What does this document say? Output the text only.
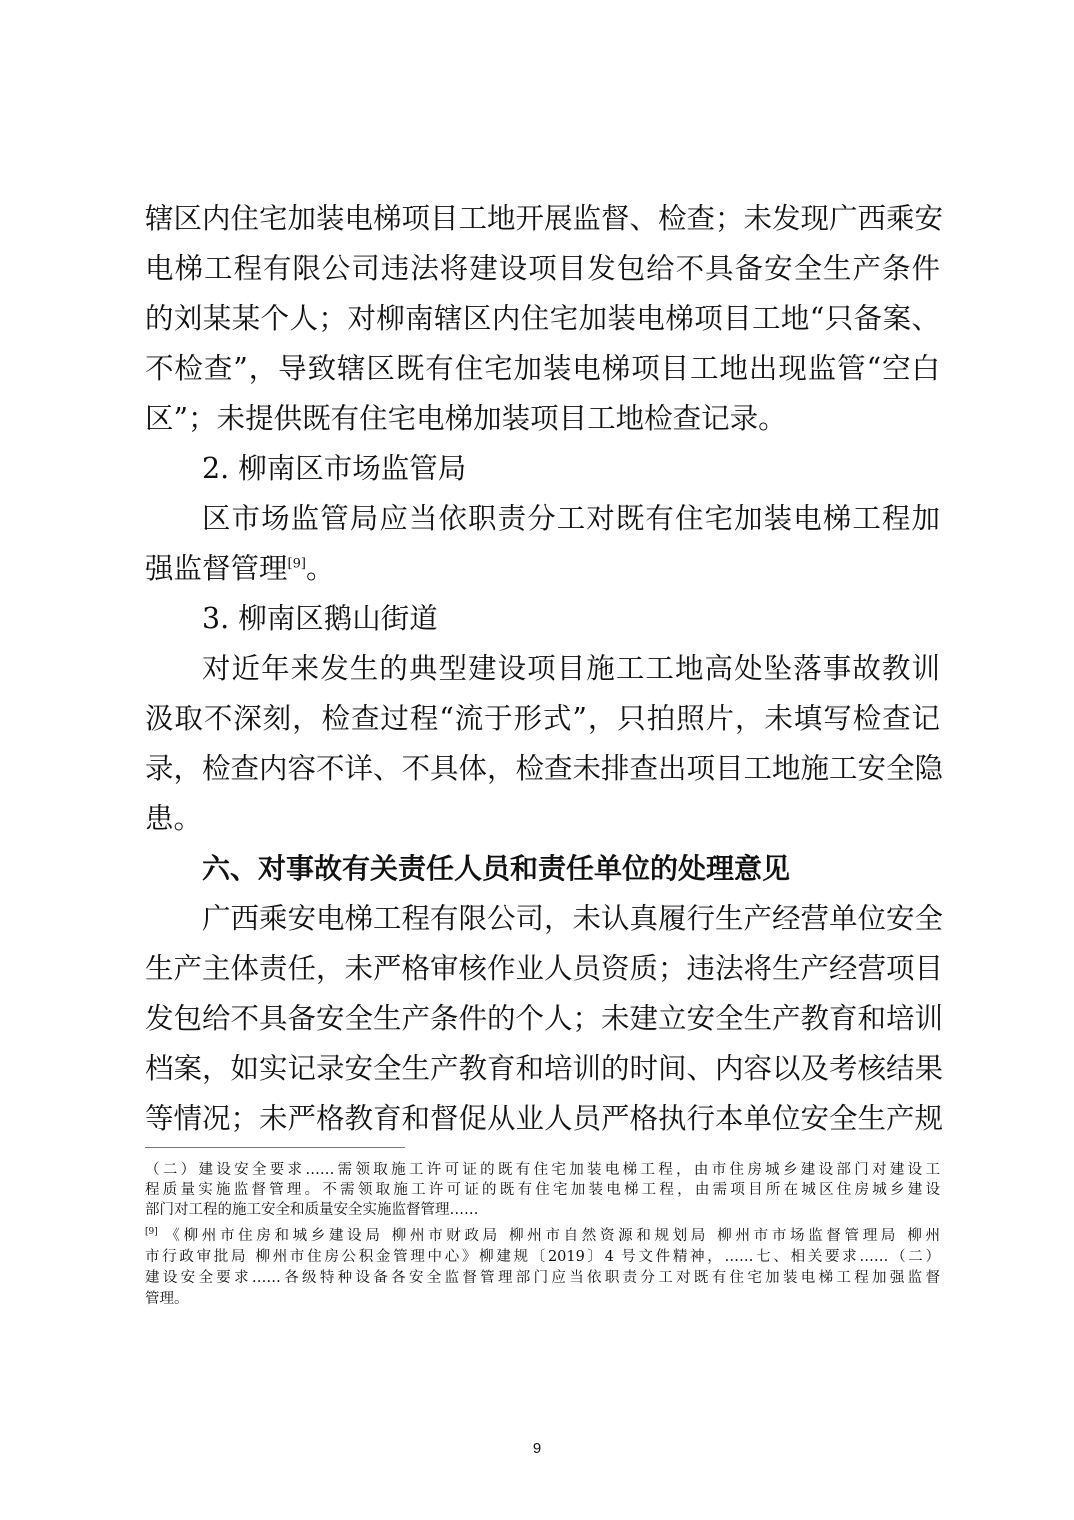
辖区内住宅加装电梯项目工地开展监督、检查；未发现广西乘安

电梯工程有限公司违法将建设项目发包给不具备安全生产条件

的刘某某个人；对柳南辖区内住宅加装电梯项目工地“只备案、

不检查”，导致辖区既有住宅加装电梯项目工地出现监管“空白

区”；未提供既有住宅电梯加装项目工地检查记录。

2. 柳南区市场监管局

区市场监管局应当依职责分工对既有住宅加装电梯工程加

强监督管理[9]。

3. 柳南区鹅山街道

对近年来发生的典型建设项目施工工地高处坠落事故教训

汲取不深刻，检查过程“流于形式”，只拍照片，未填写检查记

录，检查内容不详、不具体，检查未排查出项目工地施工安全隐

患。

六、对事故有关责任人员和责任单位的处理意见

广西乘安电梯工程有限公司，未认真履行生产经营单位安全

生产主体责任，未严格审核作业人员资质；违法将生产经营项目

发包给不具备安全生产条件的个人；未建立安全生产教育和培训

档案，如实记录安全生产教育和培训的时间、内容以及考核结果

等情况；未严格教育和督促从业人员严格执行本单位安全生产规

（二）建设安全要求……需领取施工许可证的既有住宅加装电梯工程，由市住房城乡建设部门对建设工

程质量实施监督管理。不需领取施工许可证的既有住宅加装电梯工程，由需项目所在城区住房城乡建设

部门对工程的施工安全和质量安全实施监督管理……

[9] 《柳州市住房和城乡建设局 柳州市财政局 柳州市自然资源和规划局 柳州市市场监督管理局 柳州

市行政审批局 柳州市住房公积金管理中心》柳建规〔2019〕4 号文件精神，……七、相关要求……（二）

建设安全要求……各级特种设备各安全监督管理部门应当依职责分工对既有住宅加装电梯工程加强监督

管理。

9
